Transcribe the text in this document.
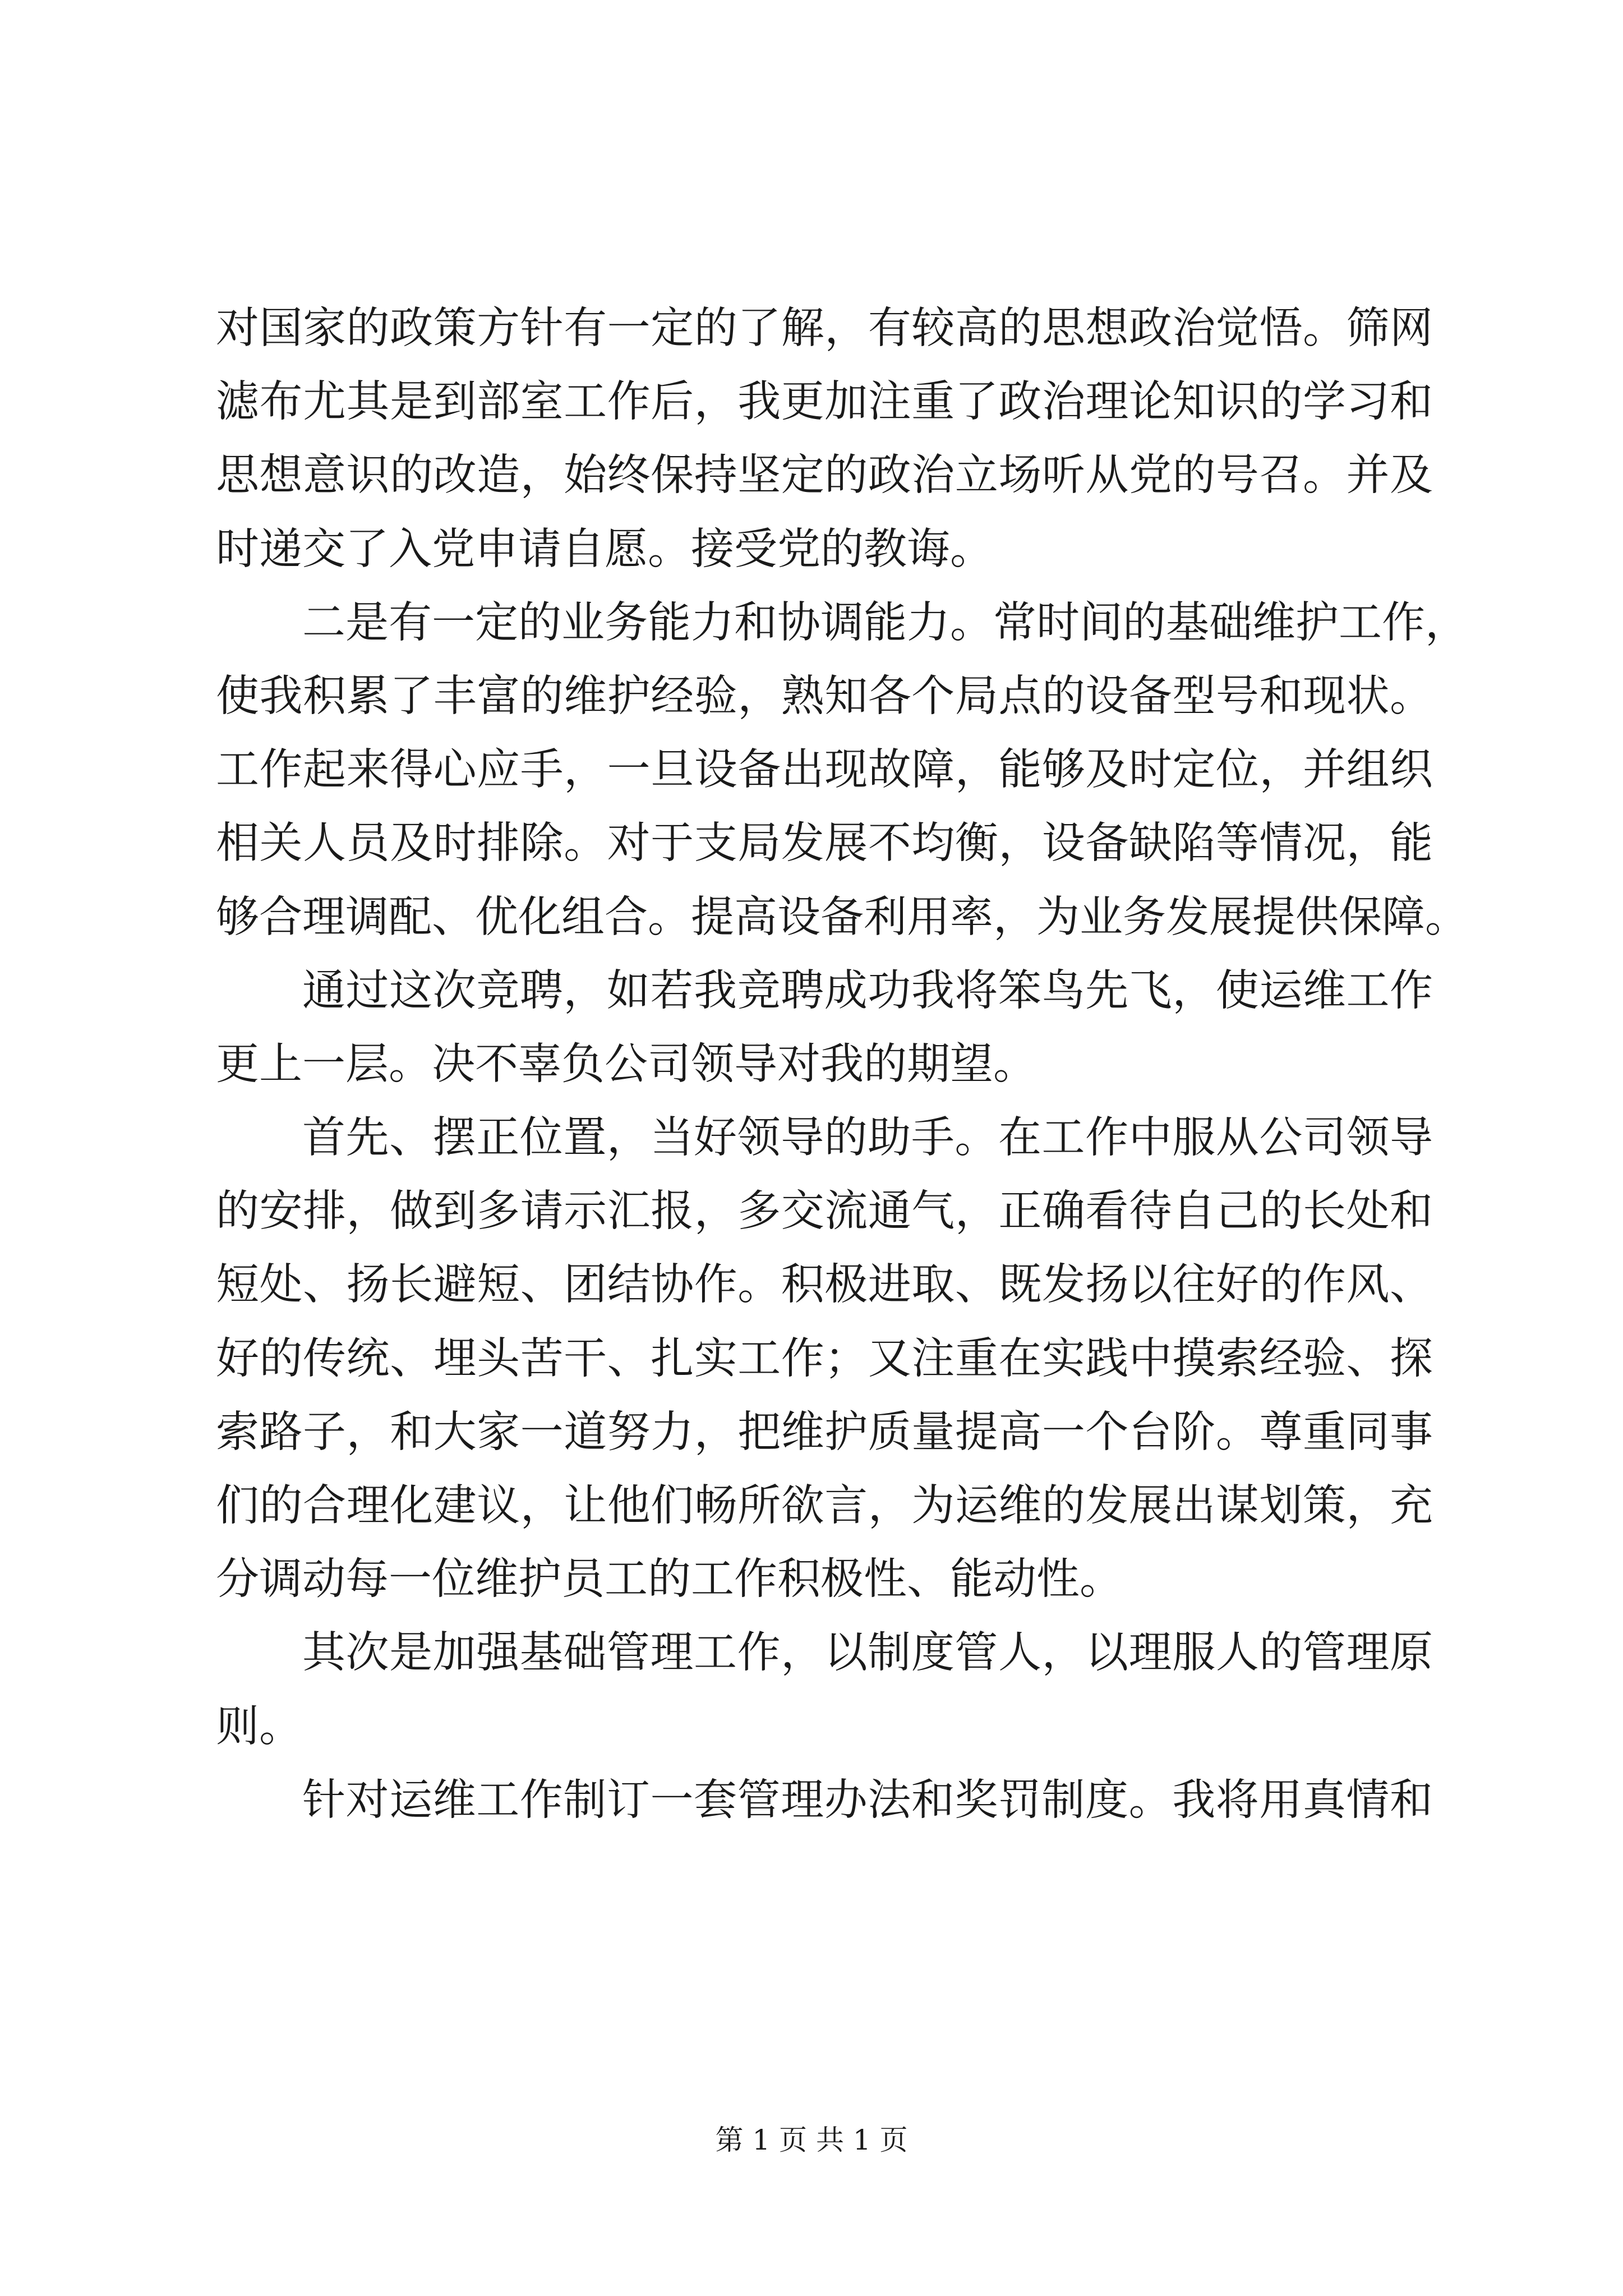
对国家的政策方针有一定的了解，有较高的思想政治觉悟。筛网
滤布尤其是到部室工作后，我更加注重了政治理论知识的学习和
思想意识的改造，始终保持坚定的政治立场听从党的号召。并及
时递交了入党申请自愿。接受党的教诲。
二是有一定的业务能力和协调能力。常时间的基础维护工作，
使我积累了丰富的维护经验，熟知各个局点的设备型号和现状。
工作起来得心应手，一旦设备出现故障，能够及时定位，并组织
相关人员及时排除。对于支局发展不均衡，设备缺陷等情况，能
够合理调配、优化组合。提高设备利用率，为业务发展提供保障。
通过这次竞聘，如若我竞聘成功我将笨鸟先飞，使运维工作
更上一层。决不辜负公司领导对我的期望。
首先、摆正位置，当好领导的助手。在工作中服从公司领导
的安排，做到多请示汇报，多交流通气，正确看待自己的长处和
短处、扬长避短、团结协作。积极进取、既发扬以往好的作风、
好的传统、埋头苦干、扎实工作；又注重在实践中摸索经验、探
索路子，和大家一道努力，把维护质量提高一个台阶。尊重同事
们的合理化建议，让他们畅所欲言，为运维的发展出谋划策，充
分调动每一位维护员工的工作积极性、能动性。
其次是加强基础管理工作，以制度管人，以理服人的管理原
则。
针对运维工作制订一套管理办法和奖罚制度。我将用真情和
第 1 页 共 1 页
